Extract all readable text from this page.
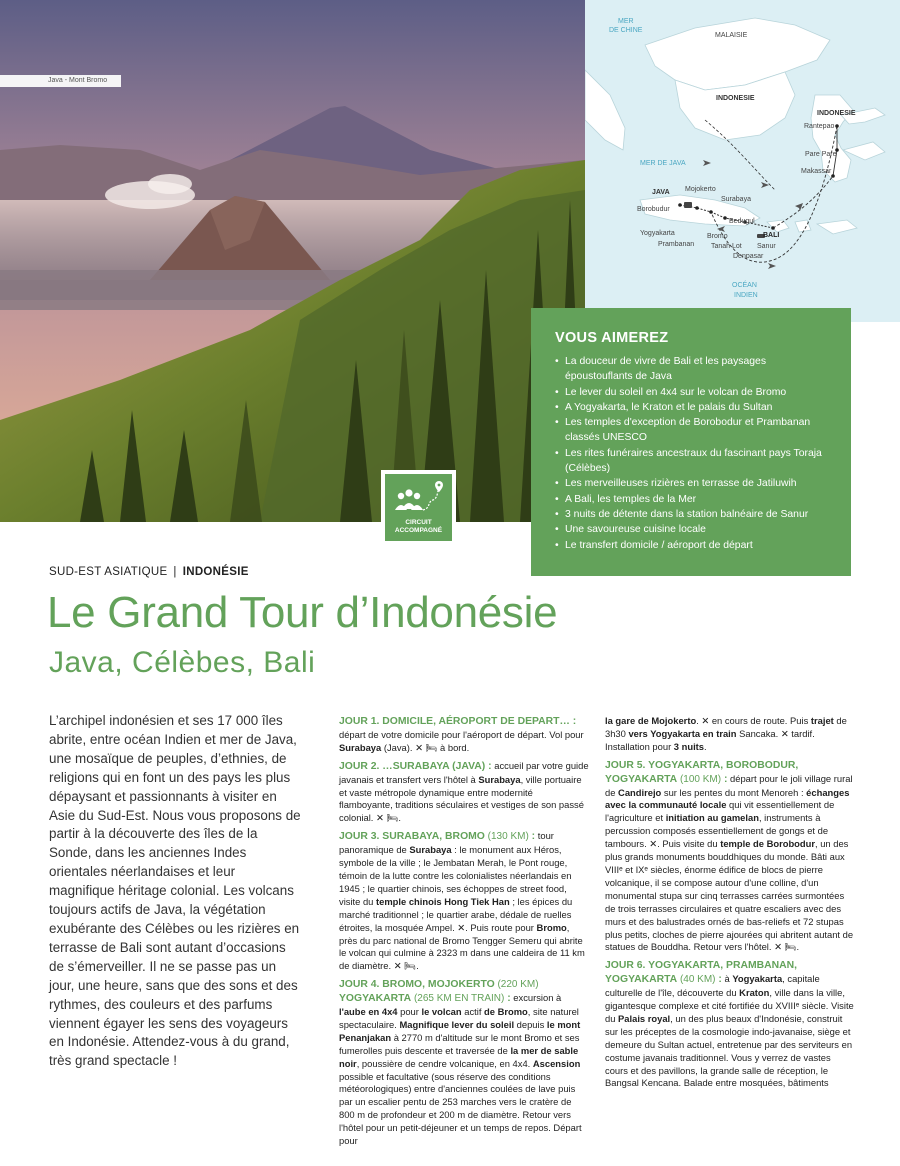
Java - Mont Bromo
MER
DE CHINE
MALAISIE
INDONESIE
INDONESIE
MER DE JAVA
Rantepao
Pare Pare
Makassar
JAVA Mojokerto
Surabaya
Borobudur
Bedugul
Yogyakarta	Bromo	BALI
Prambanan Tanah Lot Sanur
Denpasar
OCÉAN
INDIEN
VOUS AIMEREZ
• La douceur de vivre de Bali et les paysages époustouflants de Java
• Le lever du soleil en 4x4 sur le volcan de Bromo
• A Yogyakarta, le Kraton et le palais du Sultan
• Les temples d'exception de Borobodur et Prambanan classés UNESCO
• Les rites funéraires ancestraux du fascinant pays Toraja (Célèbes)
• Les merveilleuses rizières en terrasse de Jatiluwih
• A Bali, les temples de la Mer
• 3 nuits de détente dans la station balnéaire de Sanur
• Une savoureuse cuisine locale
• Le transfert domicile / aéroport de départ
CIRCUIT
ACCOMPAGNÉ
SUD-EST ASIATIQUE | INDONÉSIE
Le Grand Tour d’Indonésie
Java, Célèbes, Bali

L’archipel indonésien et ses 17 000 îles abrite, entre océan Indien et mer de Java, une mosaïque de peuples, d’ethnies, de religions qui en font un des pays les plus dépaysant et passionnants à visiter en Asie du Sud-Est. Nous vous proposons de partir à la découverte des îles de la Sonde, dans les anciennes Indes orientales néerlandaises et leur magnifique héritage colonial. Les volcans toujours actifs de Java, la végétation exubérante des Célèbes ou les rizières en terrasse de Bali sont autant d’occasions de s’émerveiller. Il ne se passe pas un jour, une heure, sans que des sons et des rythmes, des couleurs et des parfums viennent égayer les sens des voyageurs en Indonésie. Attendez-vous à du grand, très grand spectacle !

JOUR 1. DOMICILE, AÉROPORT DE DEPART… : départ de votre domicile pour l'aéroport de départ. Vol pour Surabaya (Java). ✕ 🛏 à bord.

JOUR 2. …SURABAYA (JAVA) : accueil par votre guide javanais et transfert vers l'hôtel à Surabaya, ville portuaire et vaste métropole dynamique entre modernité flamboyante, traditions séculaires et vestiges de son passé colonial. ✕ 🛏.

JOUR 3. SURABAYA, BROMO (130 KM) : tour panoramique de Surabaya : le monument aux Héros, symbole de la ville ; le Jembatan Merah, le Pont rouge, témoin de la lutte contre les colonialistes néerlandais en 1945 ; le quartier chinois, ses échoppes de street food, visite du temple chinois Hong Tiek Han ; les épices du marché traditionnel ; le quartier arabe, dédale de ruelles étroites, la mosquée Ampel. ✕. Puis route pour Bromo, près du parc national de Bromo Tengger Semeru qui abrite le volcan qui culmine à 2323 m dans une caldeira de 11 km de diamètre. ✕ 🛏.

JOUR 4. BROMO, MOJOKERTO (220 KM)
YOGYAKARTA (265 KM EN TRAIN) : excursion à l'aube en 4x4 pour le volcan actif de Bromo, site naturel spectaculaire. Magnifique lever du soleil depuis le mont Penanjakan à 2770 m d'altitude sur le mont Bromo et ses fumerolles puis descente et traversée de la mer de sable noir, poussière de cendre volcanique, en 4x4. Ascension possible et facultative (sous réserve des conditions météorologiques) entre d'anciennes coulées de lave puis par un escalier pentu de 253 marches vers le cratère de 800 m de profondeur et 200 m de diamètre. Retour vers l'hôtel pour un petit-déjeuner et un temps de repos. Départ pour

la gare de Mojokerto. ✕ en cours de route. Puis trajet de 3h30 vers Yogyakarta en train Sancaka. ✕ tardif. Installation pour 3 nuits.

JOUR 5. YOGYAKARTA, BOROBODUR,
YOGYAKARTA (100 KM) : départ pour le joli village rural de Candirejo sur les pentes du mont Menoreh : échanges avec la communauté locale qui vit essentiellement de l'agriculture et initiation au gamelan, instruments à percussion composés essentiellement de gongs et de tambours. ✕. Puis visite du temple de Borobodur, un des plus grands monuments bouddhiques du monde. Bâti aux VIIIᵉ et IXᵉ siècles, énorme édifice de blocs de pierre volcanique, il se compose autour d'une colline, d'un monumental stupa sur cinq terrasses carrées surmontées de trois terrasses circulaires et quatre escaliers avec des murs et des balustrades ornés de bas-reliefs et 72 stupas plus petits, cloches de pierre ajourées qui abritent autant de statues de Bouddha. Retour vers l'hôtel. ✕ 🛏.

JOUR 6. YOGYAKARTA, PRAMBANAN, YOGYAKARTA (40 KM) : à Yogyakarta, capitale culturelle de l'île, découverte du Kraton, ville dans la ville, gigantesque complexe et cité fortifiée du XVIIIᵉ siècle. Visite du Palais royal, un des plus beaux d'Indonésie, construit sur les préceptes de la cosmologie indo-javanaise, siège et demeure du Sultan actuel, entretenue par des serviteurs en costume javanais traditionnel. Vous y verrez de vastes cours et des pavillons, la grande salle de réception, le Bangsal Kencana. Balade entre mosquées, bâtiments
